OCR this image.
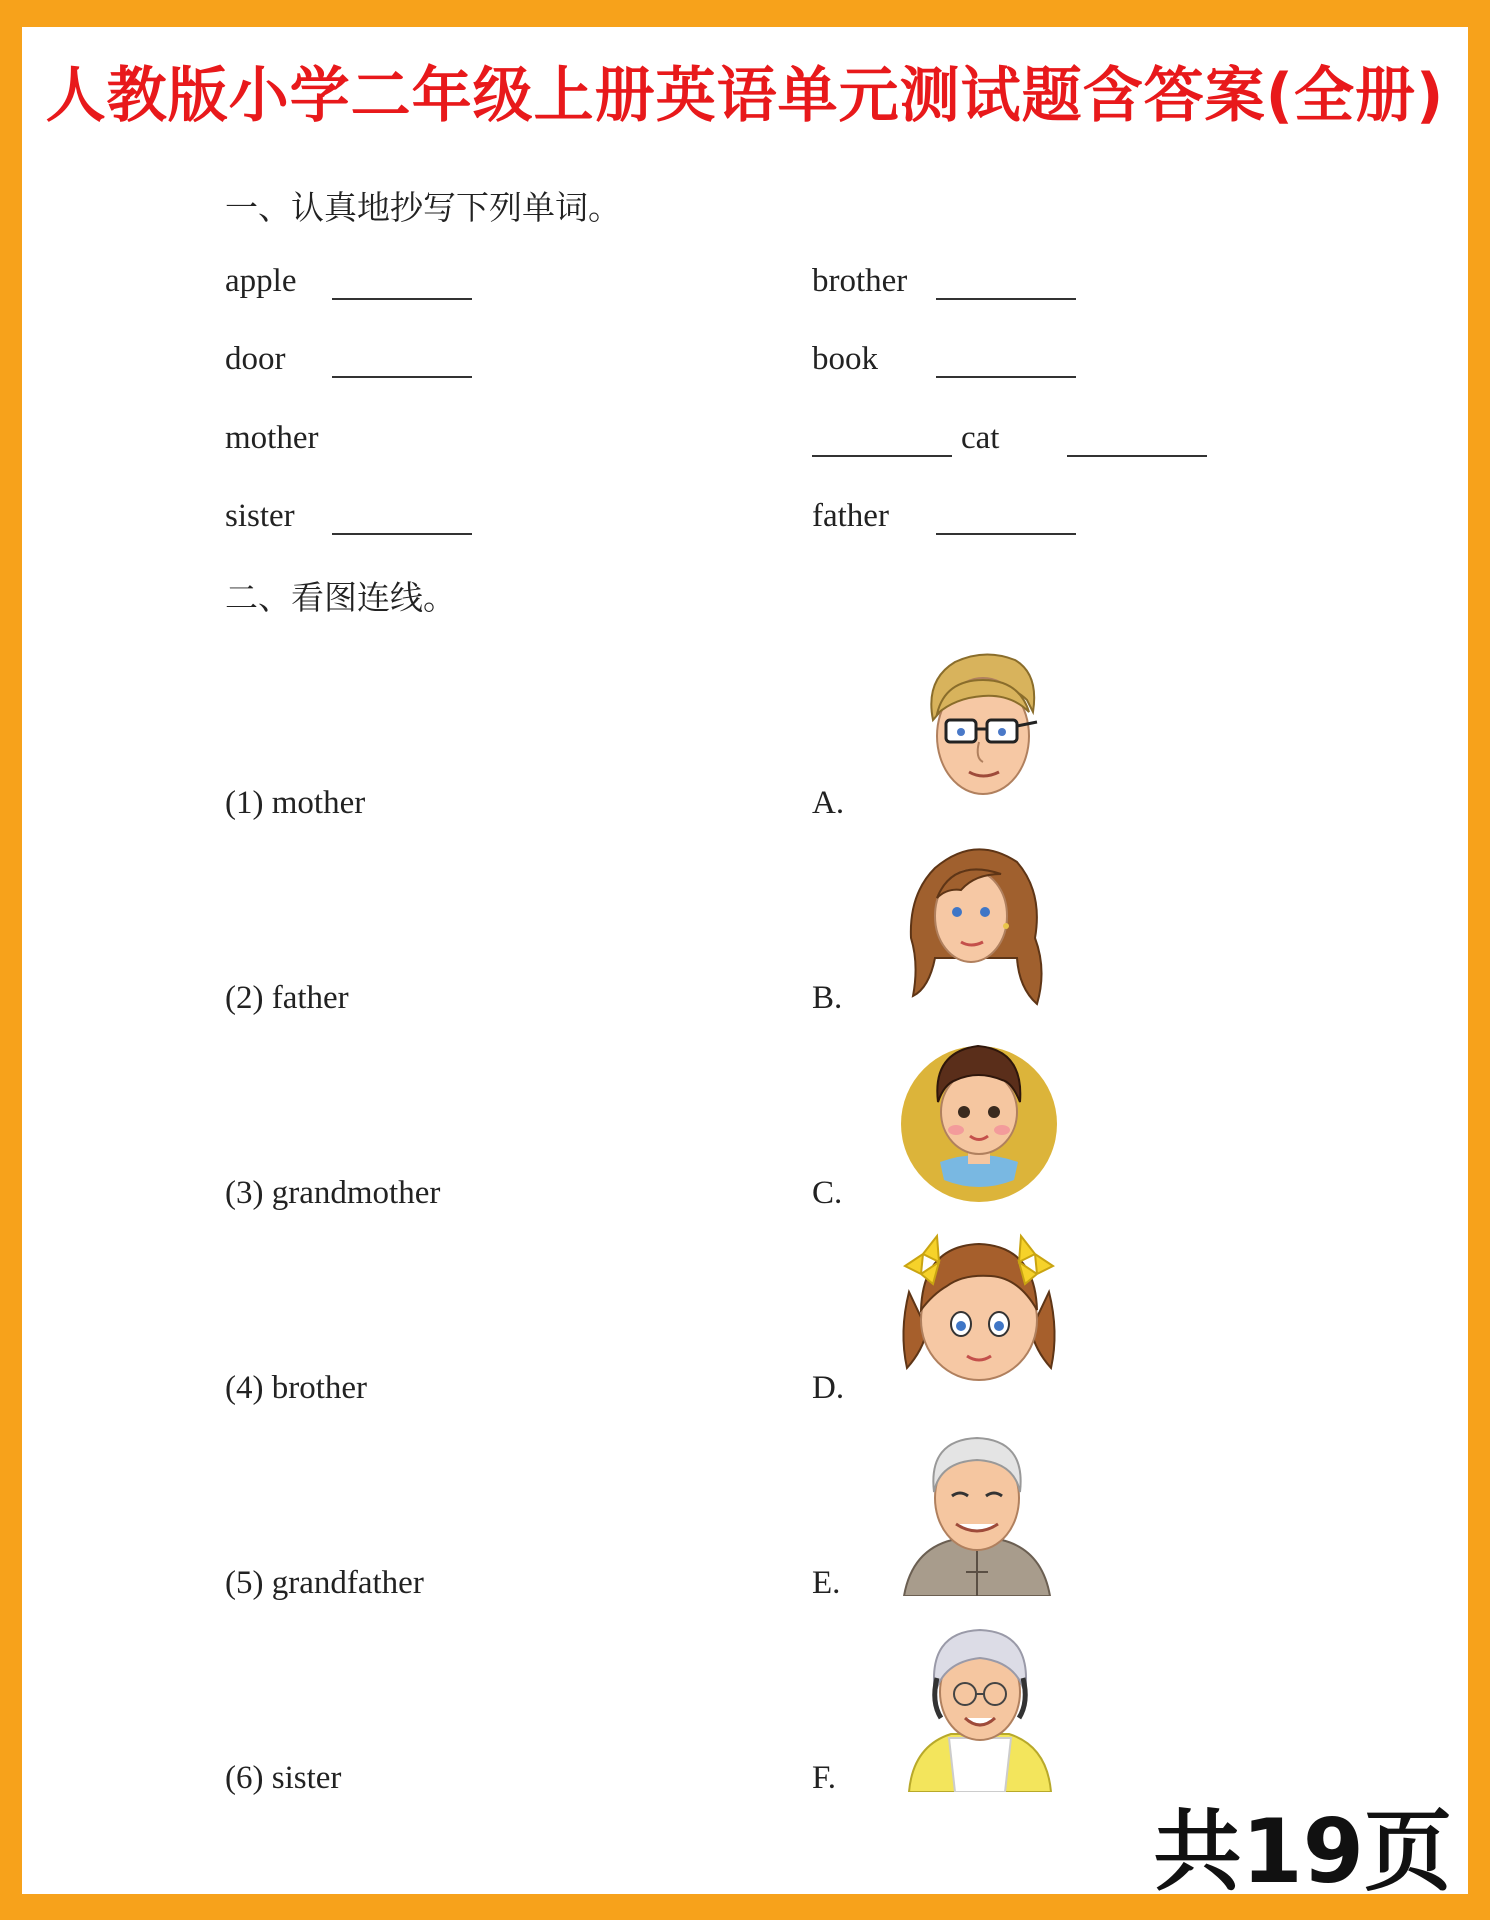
人教版小学二年级上册英语单元测试题含答案(全册)
一、认真地抄写下列单词。
apple	brother
door	book
mother	cat
sister	father
二、看图连线。
(1) mother	A.
(2) father	B.
(3) grandmother	C.
(4) brother	D.
(5) grandfather	E.
(6) sister	F.
共19页
